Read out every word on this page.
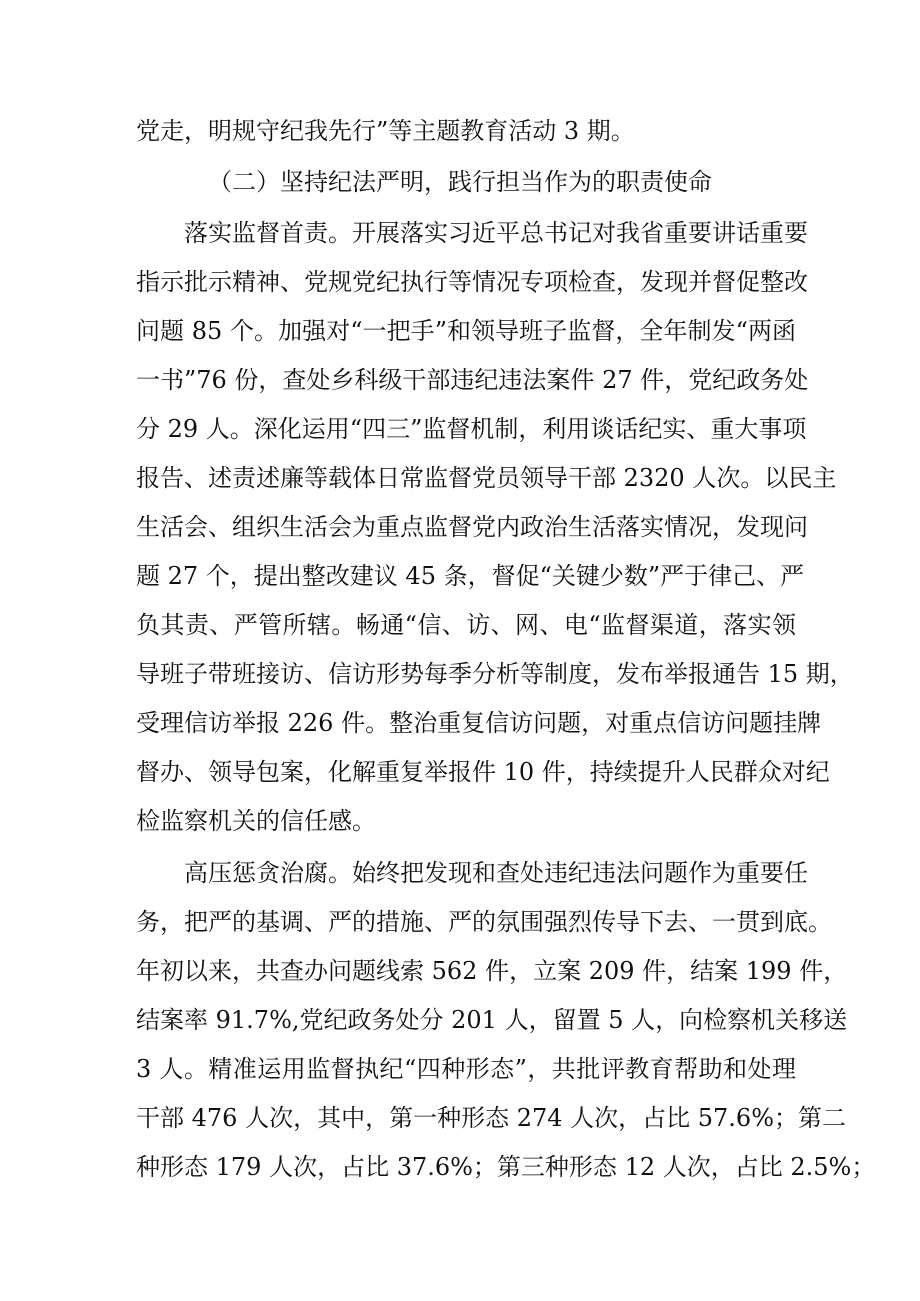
党走，明规守纪我先行”等主题教育活动 3 期。
（二）坚持纪法严明，践行担当作为的职责使命
落实监督首责。开展落实习近平总书记对我省重要讲话重要
指示批示精神、党规党纪执行等情况专项检查，发现并督促整改
问题 85 个。加强对“一把手”和领导班子监督，全年制发“两函
一书”76 份，查处乡科级干部违纪违法案件 27 件，党纪政务处
分 29 人。深化运用“四三”监督机制，利用谈话纪实、重大事项
报告、述责述廉等载体日常监督党员领导干部 2320 人次。以民主
生活会、组织生活会为重点监督党内政治生活落实情况，发现问
题 27 个，提出整改建议 45 条，督促“关键少数”严于律己、严
负其责、严管所辖。畅通“信、访、网、电“监督渠道，落实领
导班子带班接访、信访形势每季分析等制度，发布举报通告 15 期，
受理信访举报 226 件。整治重复信访问题，对重点信访问题挂牌
督办、领导包案，化解重复举报件 10 件，持续提升人民群众对纪
检监察机关的信任感。
高压惩贪治腐。始终把发现和查处违纪违法问题作为重要任
务，把严的基调、严的措施、严的氛围强烈传导下去、一贯到底。
年初以来，共查办问题线索 562 件，立案 209 件，结案 199 件，
结案率 91.7%,党纪政务处分 201 人，留置 5 人，向检察机关移送
3 人。精准运用监督执纪“四种形态”，共批评教育帮助和处理
干部 476 人次，其中，第一种形态 274 人次，占比 57.6%；第二
种形态 179 人次，占比 37.6%；第三种形态 12 人次，占比 2.5%；
